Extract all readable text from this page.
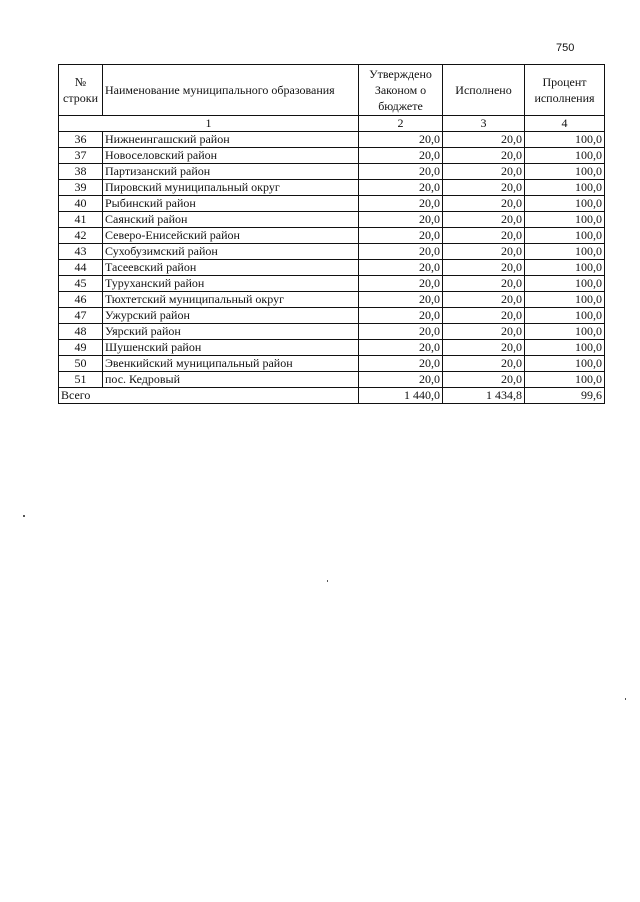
750
№ строки	Наименование муниципального образования	Утверждено Законом о бюджете	Исполнено	Процент исполнения
1		2	3	4
36	Нижнеингашский район	20,0	20,0	100,0
37	Новоселовский район	20,0	20,0	100,0
38	Партизанский район	20,0	20,0	100,0
39	Пировский муниципальный округ	20,0	20,0	100,0
40	Рыбинский район	20,0	20,0	100,0
41	Саянский район	20,0	20,0	100,0
42	Северо-Енисейский район	20,0	20,0	100,0
43	Сухобузимский район	20,0	20,0	100,0
44	Тасеевский район	20,0	20,0	100,0
45	Туруханский район	20,0	20,0	100,0
46	Тюхтетский муниципальный округ	20,0	20,0	100,0
47	Ужурский район	20,0	20,0	100,0
48	Уярский район	20,0	20,0	100,0
49	Шушенский район	20,0	20,0	100,0
50	Эвенкийский муниципальный район	20,0	20,0	100,0
51	пос. Кедровый	20,0	20,0	100,0
Всего		1 440,0	1 434,8	99,6
